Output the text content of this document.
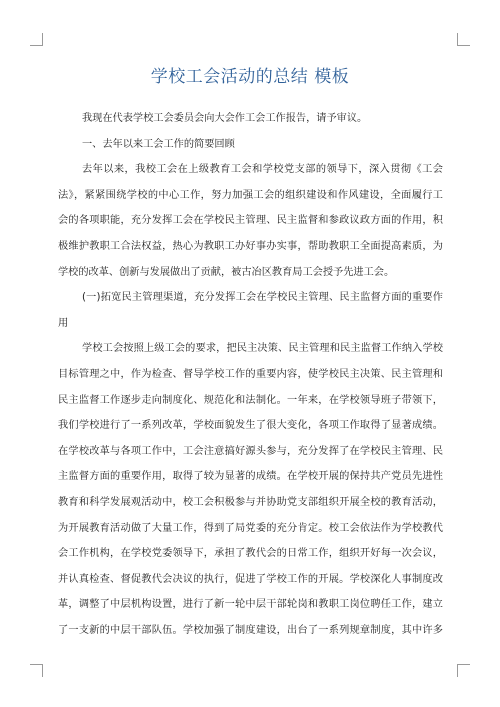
学校工会活动的总结 模板
我现在代表学校工会委员会向大会作工会工作报告，请予审议。
一、去年以来工会工作的简要回顾
去年以来，我校工会在上级教育工会和学校党支部的领导下，深入贯彻《工会
法》，紧紧围绕学校的中心工作，努力加强工会的组织建设和作风建设，全面履行工
会的各项职能，充分发挥工会在学校民主管理、民主监督和参政议政方面的作用，积
极维护教职工合法权益，热心为教职工办好事办实事，帮助教职工全面提高素质，为
学校的改革、创新与发展做出了贡献，被古冶区教育局工会授予先进工会。
(一)拓宽民主管理渠道，充分发挥工会在学校民主管理、民主监督方面的重要作
用
学校工会按照上级工会的要求，把民主决策、民主管理和民主监督工作纳入学校
目标管理之中，作为检查、督导学校工作的重要内容，使学校民主决策、民主管理和
民主监督工作逐步走向制度化、规范化和法制化。一年来，在学校领导班子带领下，
我们学校进行了一系列改革，学校面貌发生了很大变化，各项工作取得了显著成绩。
在学校改革与各项工作中，工会注意搞好源头参与，充分发挥了在学校民主管理、民
主监督方面的重要作用，取得了较为显著的成绩。在学校开展的保持共产党员先进性
教育和科学发展观活动中，校工会积极参与并协助党支部组织开展全校的教育活动，
为开展教育活动做了大量工作，得到了局党委的充分肯定。校工会依法作为学校教代
会工作机构，在学校党委领导下，承担了教代会的日常工作，组织开好每一次会议，
并认真检查、督促教代会决议的执行，促进了学校工作的开展。学校深化人事制度改
革，调整了中层机构设置，进行了新一轮中层干部轮岗和教职工岗位聘任工作，建立
了一支新的中层干部队伍。学校加强了制度建设，出台了一系列规章制度，其中许多
